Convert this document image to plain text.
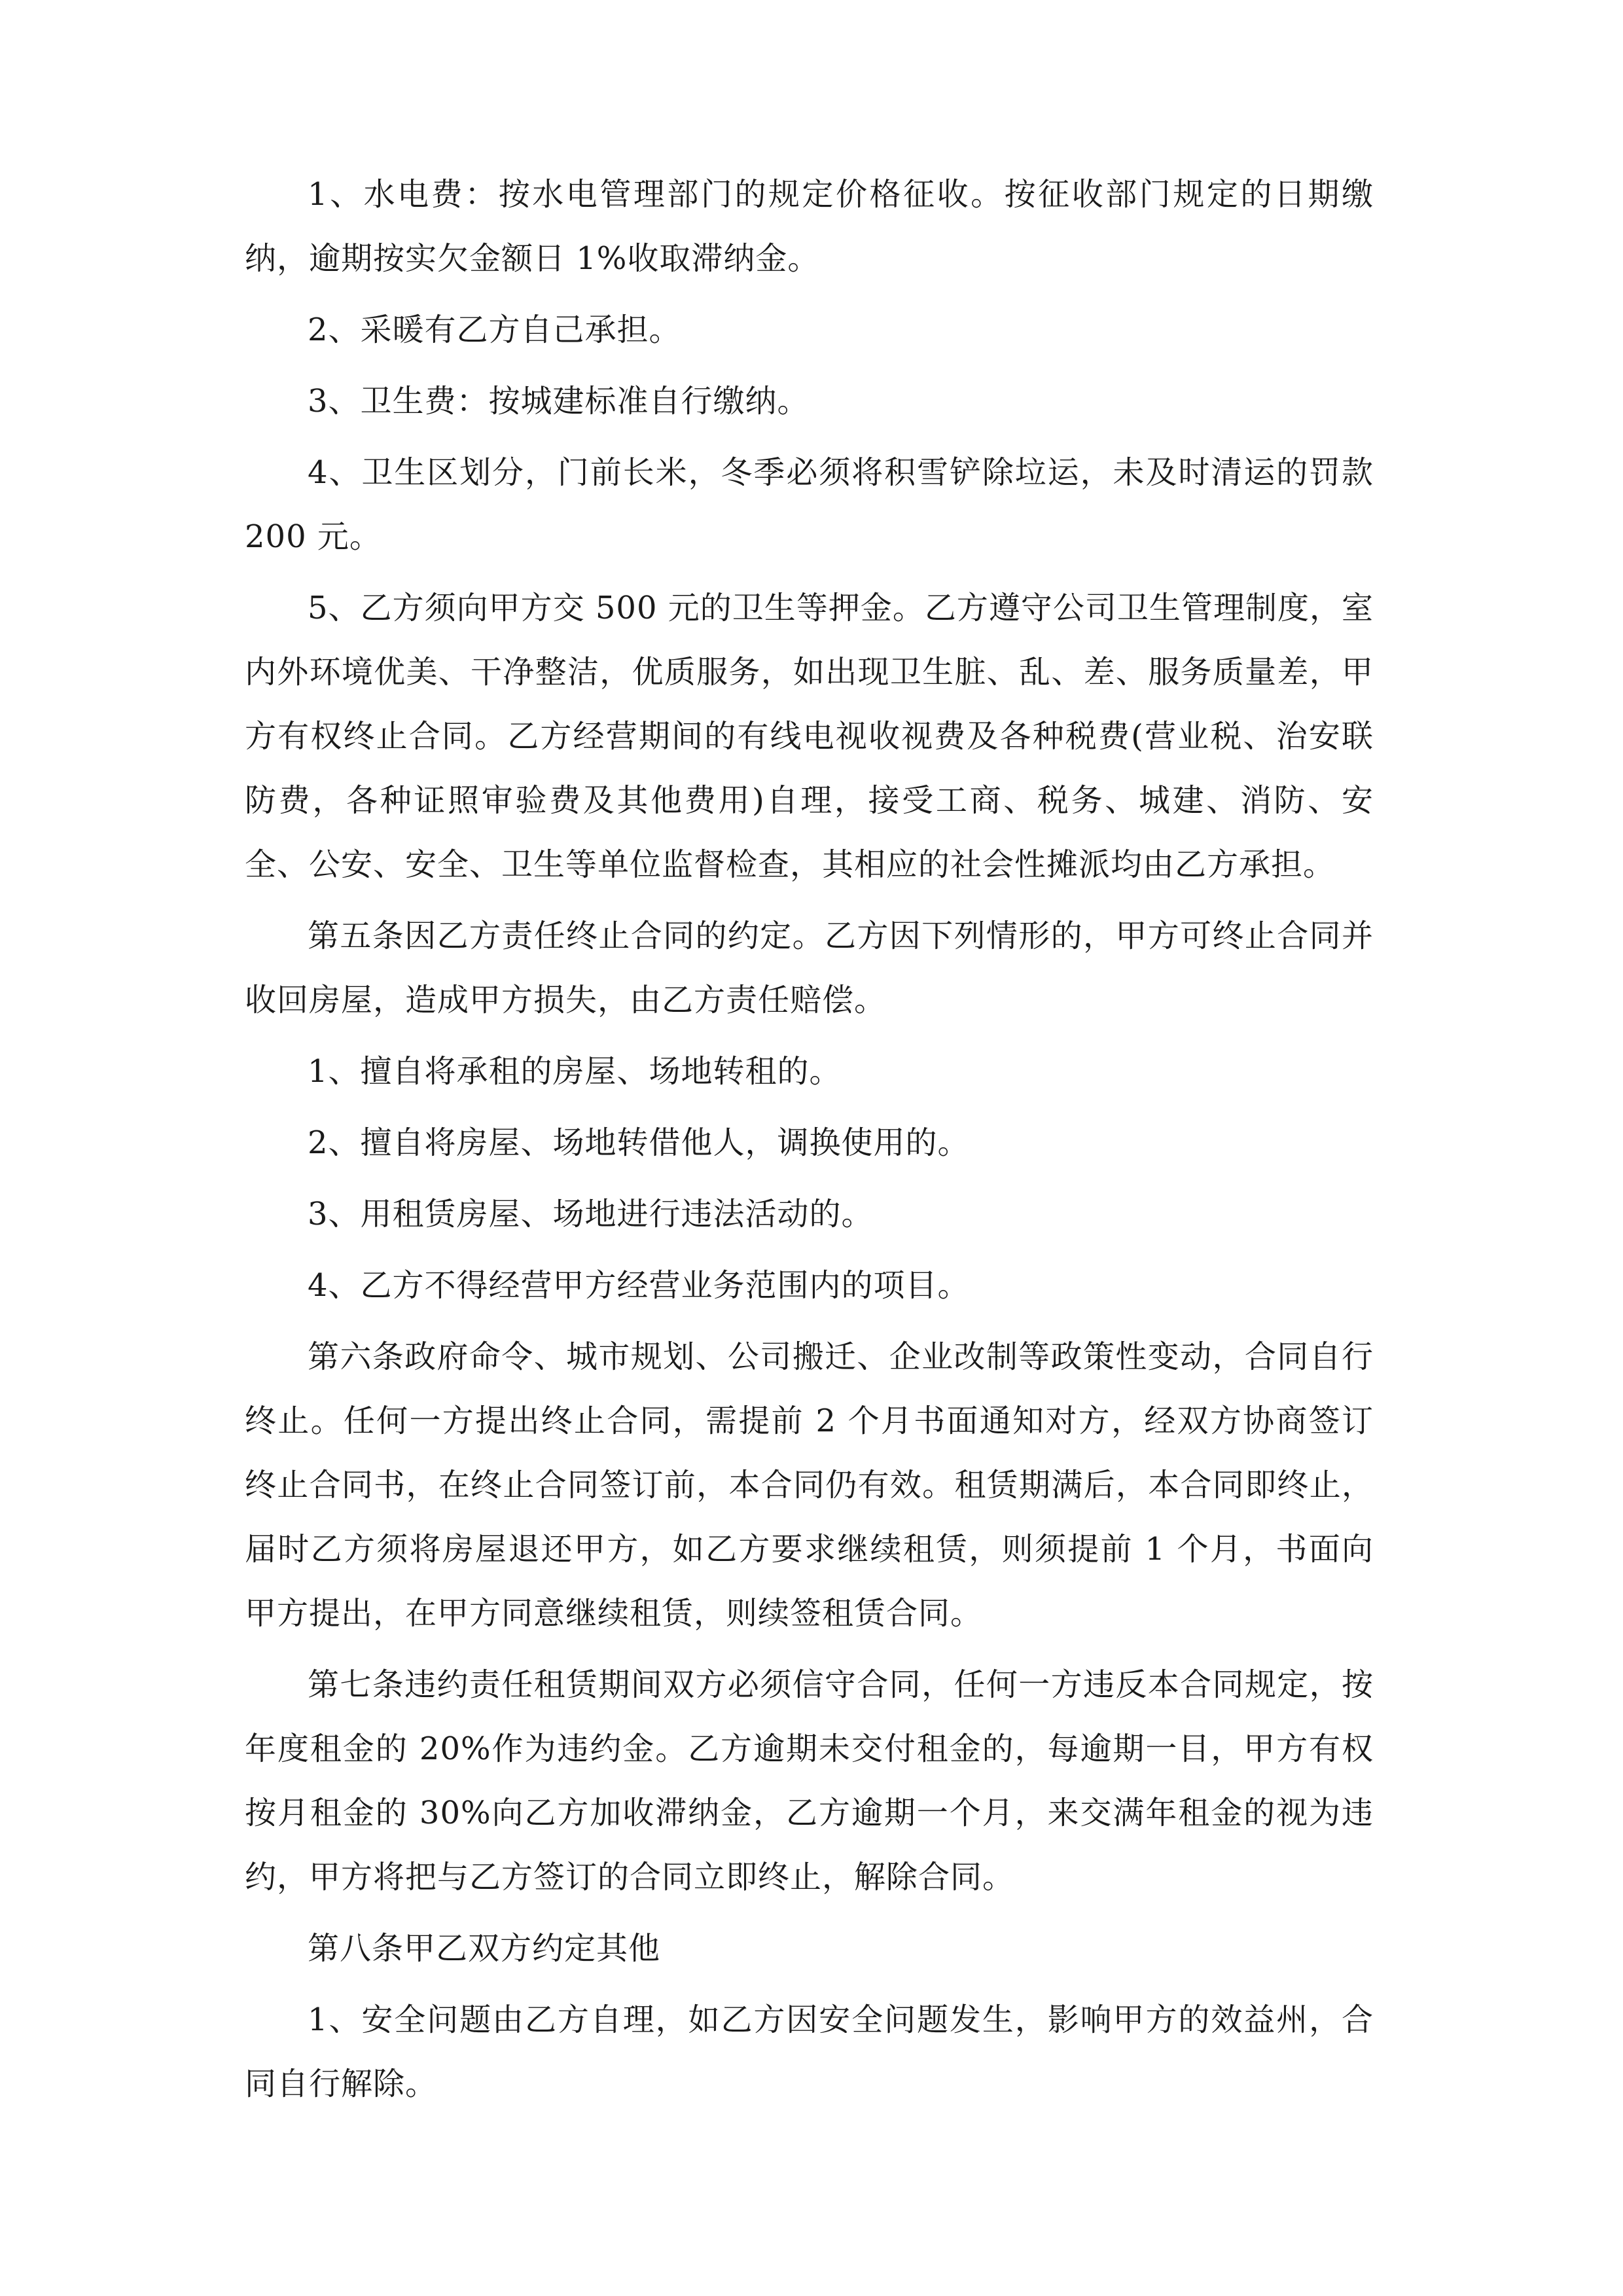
1、水电费：按水电管理部门的规定价格征收。按征收部门规定的日期缴纳，逾期按实欠金额日 1%收取滞纳金。

2、采暖有乙方自己承担。

3、卫生费：按城建标准自行缴纳。

4、卫生区划分，门前长米，冬季必须将积雪铲除垃运，未及时清运的罚款 200 元。

5、乙方须向甲方交 500 元的卫生等押金。乙方遵守公司卫生管理制度，室内外环境优美、干净整洁，优质服务，如出现卫生脏、乱、差、服务质量差，甲方有权终止合同。乙方经营期间的有线电视收视费及各种税费(营业税、治安联防费，各种证照审验费及其他费用)自理，接受工商、税务、城建、消防、安全、公安、安全、卫生等单位监督检查，其相应的社会性摊派均由乙方承担。

第五条因乙方责任终止合同的约定。乙方因下列情形的，甲方可终止合同并收回房屋，造成甲方损失，由乙方责任赔偿。

1、擅自将承租的房屋、场地转租的。

2、擅自将房屋、场地转借他人，调换使用的。

3、用租赁房屋、场地进行违法活动的。

4、乙方不得经营甲方经营业务范围内的项目。

第六条政府命令、城市规划、公司搬迁、企业改制等政策性变动，合同自行终止。任何一方提出终止合同，需提前 2 个月书面通知对方，经双方协商签订终止合同书，在终止合同签订前，本合同仍有效。租赁期满后，本合同即终止，届时乙方须将房屋退还甲方，如乙方要求继续租赁，则须提前 1 个月，书面向甲方提出，在甲方同意继续租赁，则续签租赁合同。

第七条违约责任租赁期间双方必须信守合同，任何一方违反本合同规定，按年度租金的 20%作为违约金。乙方逾期未交付租金的，每逾期一目，甲方有权按月租金的 30%向乙方加收滞纳金，乙方逾期一个月，来交满年租金的视为违约，甲方将把与乙方签订的合同立即终止，解除合同。

第八条甲乙双方约定其他

1、安全问题由乙方自理，如乙方因安全问题发生，影响甲方的效益州，合同自行解除。
